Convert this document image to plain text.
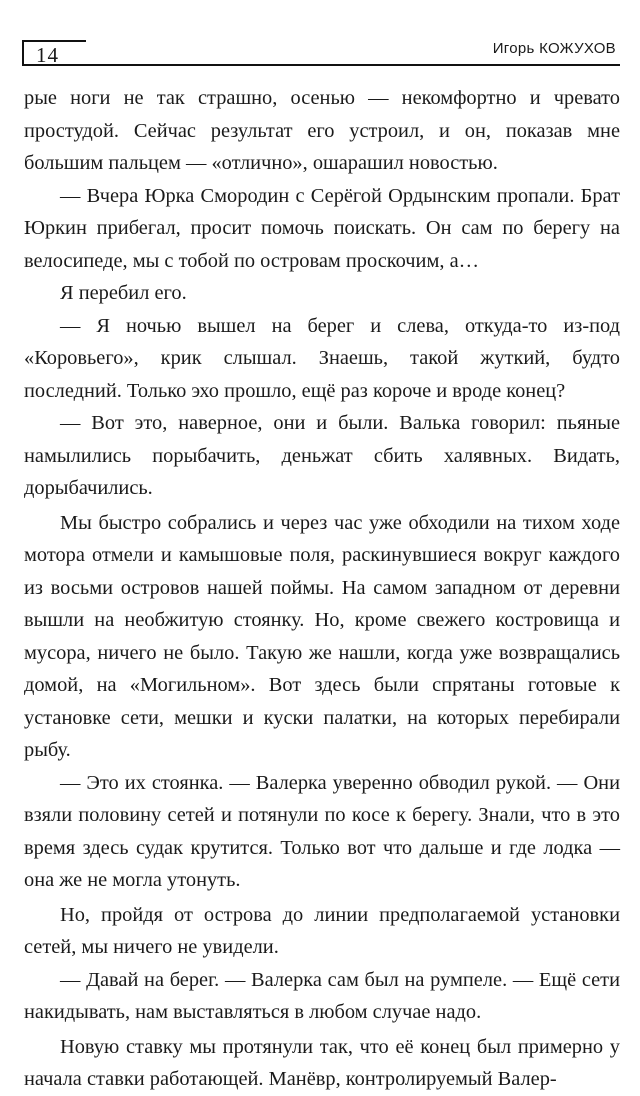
14	Игорь КОЖУХОВ

рые ноги не так страшно, осенью — некомфортно и чревато простудой. Сейчас результат его устроил, и он, показав мне большим пальцем — «отлично», ошарашил новостью.

— Вчера Юрка Смородин с Серёгой Ордынским пропали. Брат Юркин прибегал, просит помочь поискать. Он сам по берегу на велосипеде, мы с тобой по островам проскочим, а…

Я перебил его.

— Я ночью вышел на берег и слева, откуда-то из-под «Коровьего», крик слышал. Знаешь, такой жуткий, будто последний. Только эхо прошло, ещё раз короче и вроде конец?

— Вот это, наверное, они и были. Валька говорил: пьяные намылились порыбачить, деньжат сбить халявных. Видать, дорыбачились.

Мы быстро собрались и через час уже обходили на тихом ходе мотора отмели и камышовые поля, раскинувшиеся вокруг каждого из восьми островов нашей поймы. На самом западном от деревни вышли на необжитую стоянку. Но, кроме свежего костровища и мусора, ничего не было. Такую же нашли, когда уже возвращались домой, на «Могильном». Вот здесь были спрятаны готовые к установке сети, мешки и куски палатки, на которых перебирали рыбу.

— Это их стоянка. — Валерка уверенно обводил рукой. — Они взяли половину сетей и потянули по косе к берегу. Знали, что в это время здесь судак крутится. Только вот что дальше и где лодка — она же не могла утонуть.

Но, пройдя от острова до линии предполагаемой установки сетей, мы ничего не увидели.

— Давай на берег. — Валерка сам был на румпеле. — Ещё сети накидывать, нам выставляться в любом случае надо.

Новую ставку мы протянули так, что её конец был примерно у начала ставки работающей. Манёвр, контролируемый Валер-
